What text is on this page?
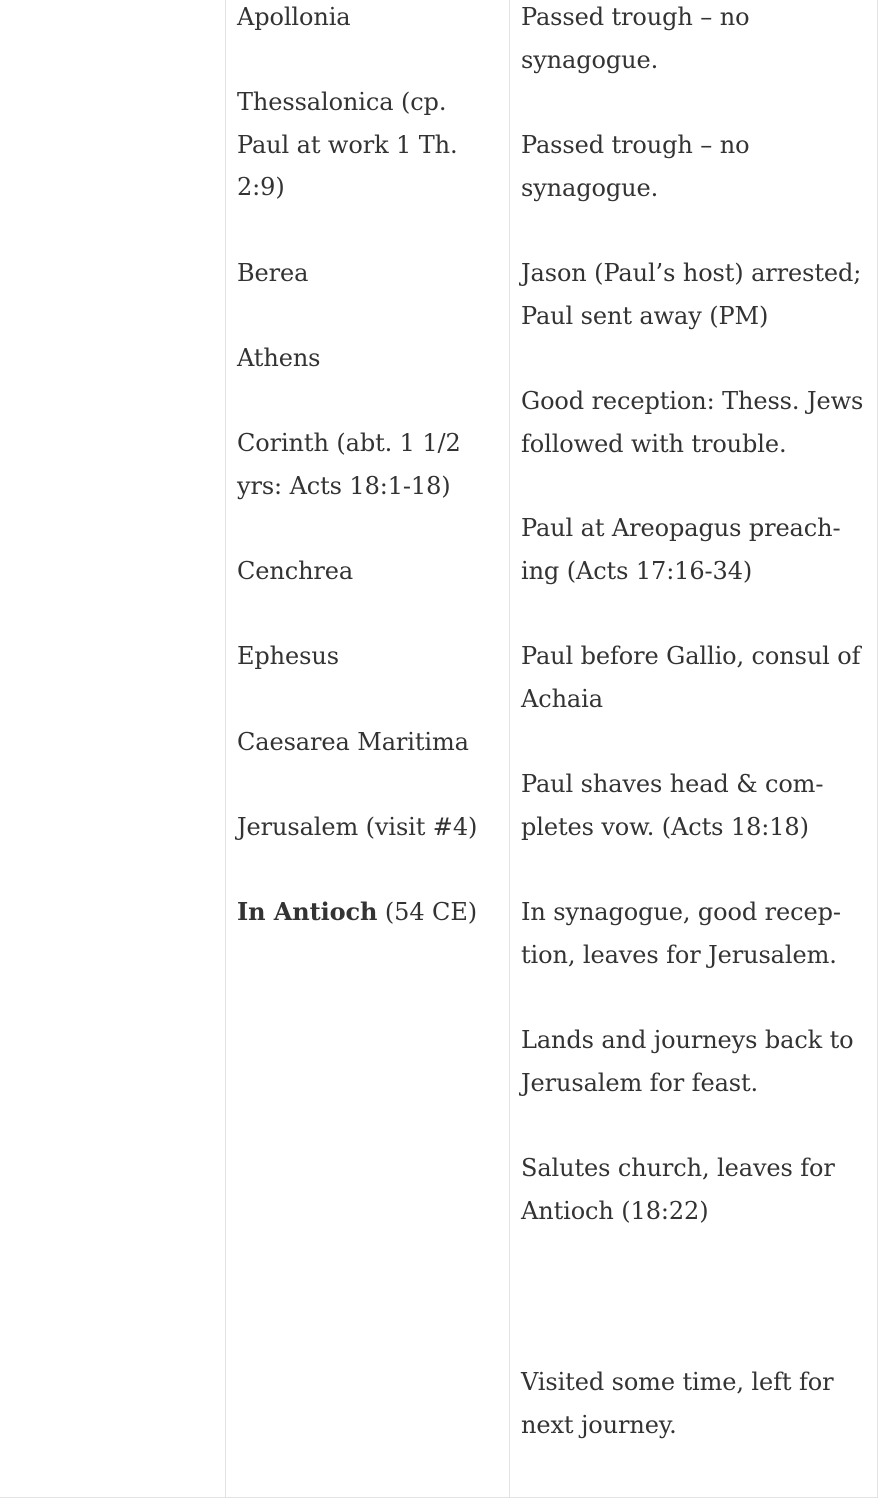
Apollonia

Thessalonica (cp.
Paul at work 1 Th.
2:9)

Berea

Athens

Corinth (abt. 1 1/2
yrs: Acts 18:1-18)

Cenchrea

Ephesus

Caesarea Maritima

Jerusalem (visit #4)

In Antioch (54 CE)

Passed trough – no
synagogue.

Passed trough – no
synagogue.

Jason (Paul’s host) arrested;
Paul sent away (PM)

Good reception: Thess. Jews
followed with trouble.

Paul at Areopagus preach-
ing (Acts 17:16-34)

Paul before Gallio, consul of
Achaia

Paul shaves head & com-
pletes vow. (Acts 18:18)

In synagogue, good recep-
tion, leaves for Jerusalem.

Lands and journeys back to
Jerusalem for feast.

Salutes church, leaves for
Antioch (18:22)

Visited some time, left for
next journey.
